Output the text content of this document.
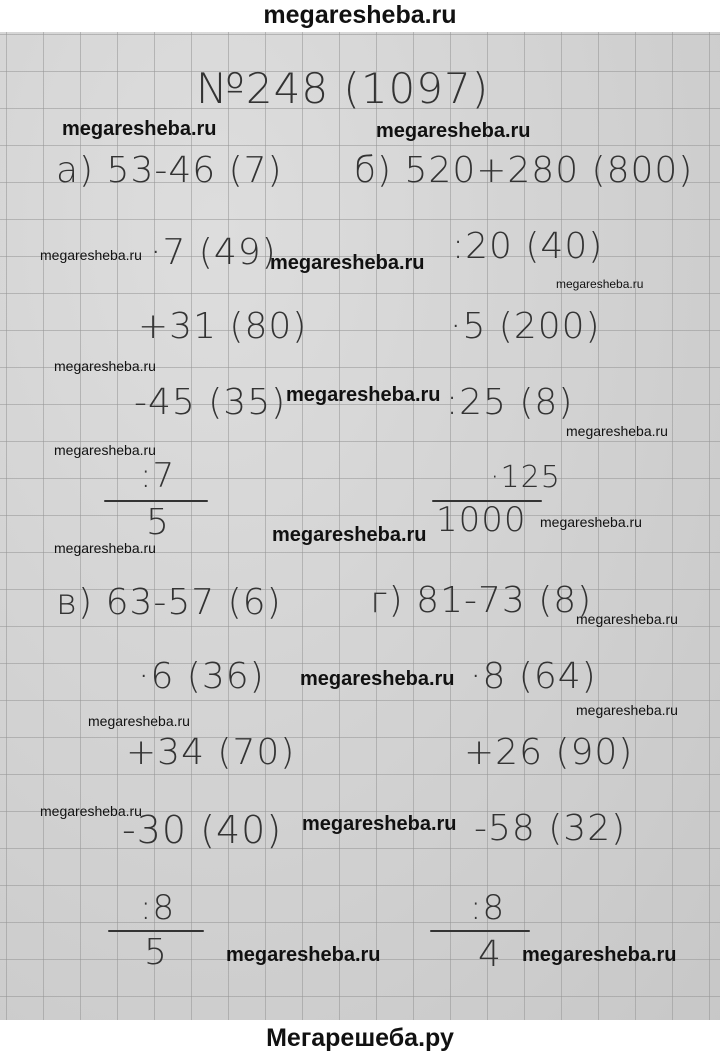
megaresheba.ru
№248 (1097)
а) 53-46 (7)
·7 (49)
+31 (80)
-45 (35)
:7
5
б) 520+280 (800)
:20 (40)
·5 (200)
:25 (8)
·125
1000
в) 63-57 (6)
·6 (36)
+34 (70)
-30 (40)
:8
5
г) 81-73 (8)
·8 (64)
+26 (90)
-58 (32)
:8
4
megaresheba.ru	megaresheba.ru
megaresheba.ru	megaresheba.ru
megaresheba.ru
megaresheba.ru
megaresheba.ru
megaresheba.ru
megaresheba.ru
megaresheba.ru
megaresheba.ru
megaresheba.ru
megaresheba.ru
megaresheba.ru
megaresheba.ru
megaresheba.ru
megaresheba.ru
megaresheba.ru
megaresheba.ru	megaresheba.ru
Мегарешеба.ру
